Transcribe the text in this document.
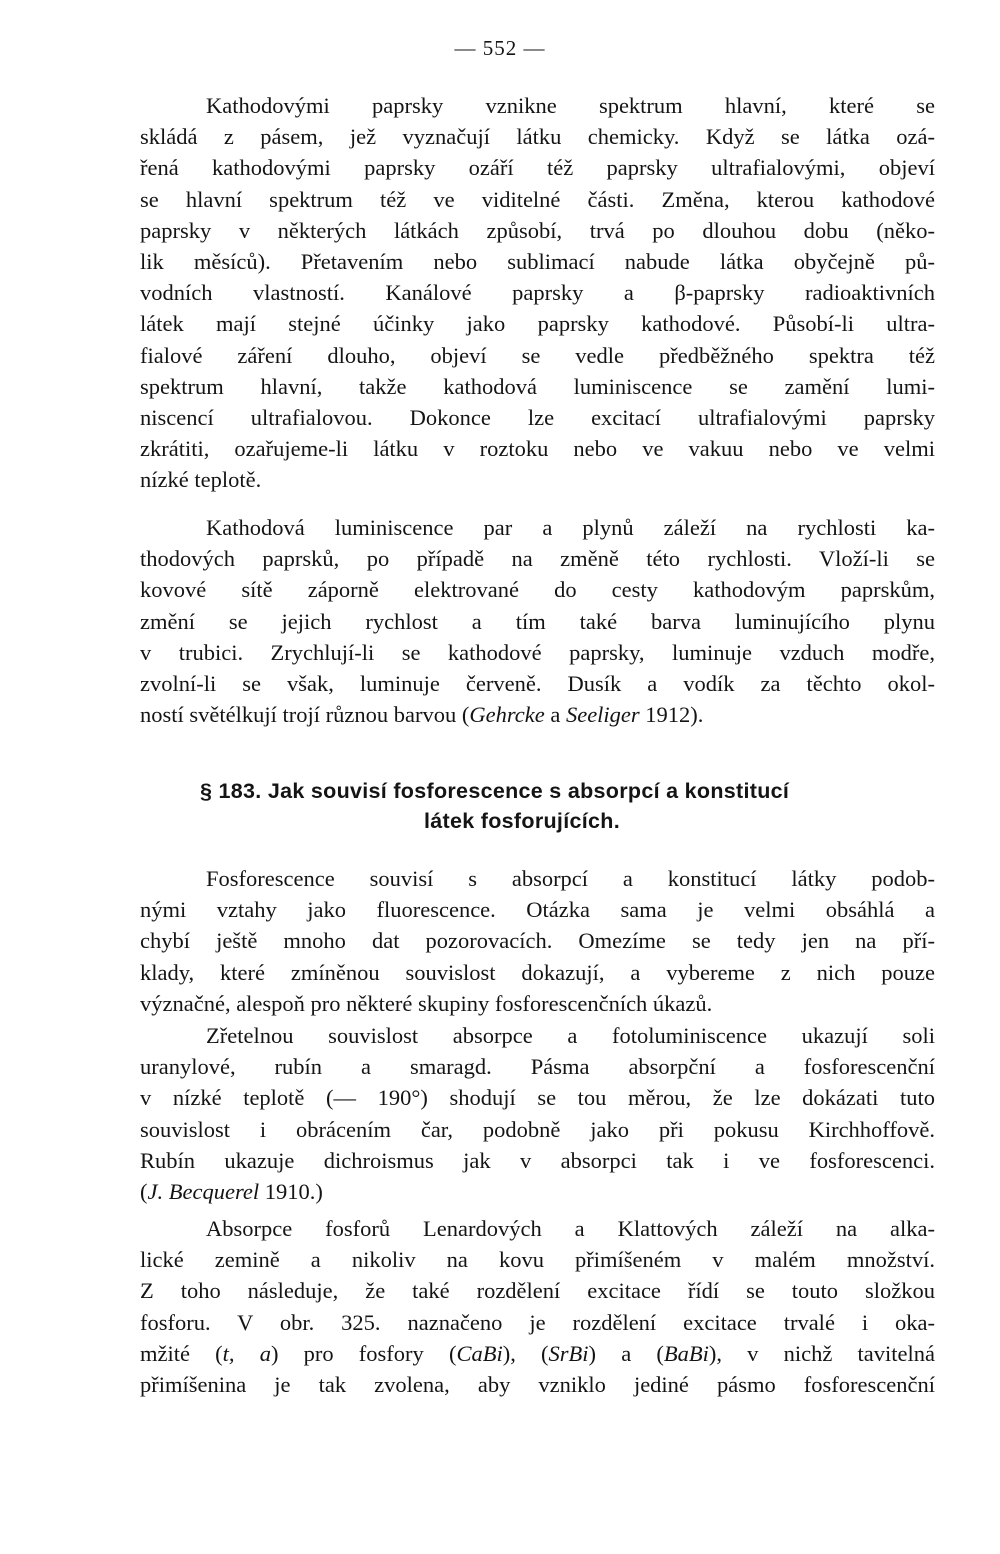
— 552 —
Kathodovými paprsky vznikne spektrum hlavní, které se
skládá z pásem, jež vyznačují látku chemicky. Když se látka ozá-
řená kathodovými paprsky ozáří též paprsky ultrafialovými, objeví
se hlavní spektrum též ve viditelné části. Změna, kterou kathodové
paprsky v některých látkách způsobí, trvá po dlouhou dobu (něko-
lik měsíců). Přetavením nebo sublimací nabude látka obyčejně pů-
vodních vlastností. Kanálové paprsky a β-paprsky radioaktivních
látek mají stejné účinky jako paprsky kathodové. Působí-li ultra-
fialové záření dlouho, objeví se vedle předběžného spektra též
spektrum hlavní, takže kathodová luminiscence se zamění lumi-
niscencí ultrafialovou. Dokonce lze excitací ultrafialovými paprsky
zkrátiti, ozařujeme-li látku v roztoku nebo ve vakuu nebo ve velmi
nízké teplotě.
Kathodová luminiscence par a plynů záleží na rychlosti ka-
thodových paprsků, po případě na změně této rychlosti. Vloží-li se
kovové sítě záporně elektrované do cesty kathodovým paprskům,
změní se jejich rychlost a tím také barva luminujícího plynu
v trubici. Zrychlují-li se kathodové paprsky, luminuje vzduch modře,
zvolní-li se však, luminuje červeně. Dusík a vodík za těchto okol-
ností světélkují trojí různou barvou (Gehrcke a Seeliger 1912).
§ 183. Jak souvisí fosforescence s absorpcí a konstitucí
látek fosforujících.
Fosforescence souvisí s absorpcí a konstitucí látky podob-
nými vztahy jako fluorescence. Otázka sama je velmi obsáhlá a
chybí ještě mnoho dat pozorovacích. Omezíme se tedy jen na pří-
klady, které zmíněnou souvislost dokazují, a vybereme z nich pouze
význačné, alespoň pro některé skupiny fosforescenčních úkazů.
Zřetelnou souvislost absorpce a fotoluminiscence ukazují soli
uranylové, rubín a smaragd. Pásma absorpční a fosforescenční
v nízké teplotě (— 190°) shodují se tou měrou, že lze dokázati tuto
souvislost i obrácením čar, podobně jako při pokusu Kirchhoffově.
Rubín ukazuje dichroismus jak v absorpci tak i ve fosforescenci.
(J. Becquerel 1910.)
Absorpce fosforů Lenardových a Klattových záleží na alka-
lické zemině a nikoliv na kovu přimíšeném v malém množství.
Z toho následuje, že také rozdělení excitace řídí se touto složkou
fosforu. V obr. 325. naznačeno je rozdělení excitace trvalé i oka-
mžité (t, a) pro fosfory (CaBi), (SrBi) a (BaBi), v nichž tavitelná
přimíšenina je tak zvolena, aby vzniklo jediné pásmo fosforescenční
